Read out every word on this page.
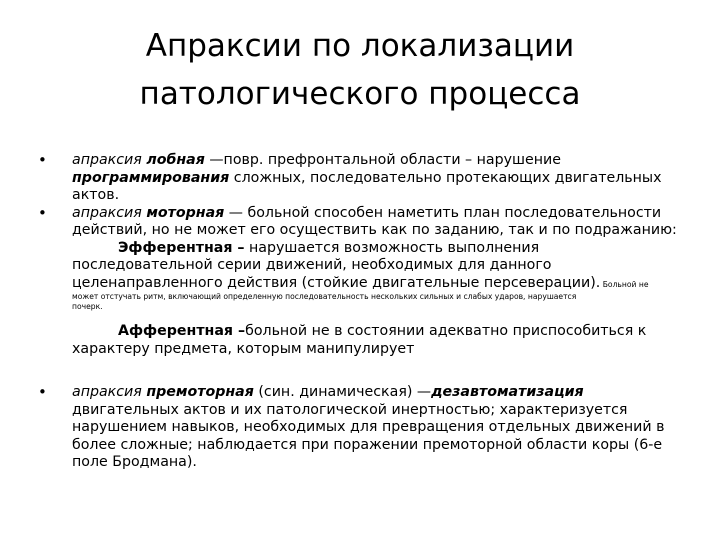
Апраксии по локализации
патологического процесса
• апраксия лобная —повр. префронтальной области – нарушение
программирования сложных, последовательно протекающих двигательных
актов.
• апраксия моторная — больной способен наметить план последовательности
действий, но не может его осуществить как по заданию, так и по подражанию:
Эфферентная – нарушается возможность выполнения
последовательной серии движений, необходимых для данного
целенаправленного действия (стойкие двигательные персеверации). Больной не
может отстучать ритм, включающий определенную последовательность нескольких сильных и слабых ударов, нарушается
почерк.
Афферентная –больной не в состоянии адекватно приспособиться к
характеру предмета, которым манипулирует
• апраксия премоторная (син. динамическая) —дезавтоматизация
двигательных актов и их патологической инертностью; характеризуется
нарушением навыков, необходимых для превращения отдельных движений в
более сложные; наблюдается при поражении премоторной области коры (6-е
поле Бродмана).
